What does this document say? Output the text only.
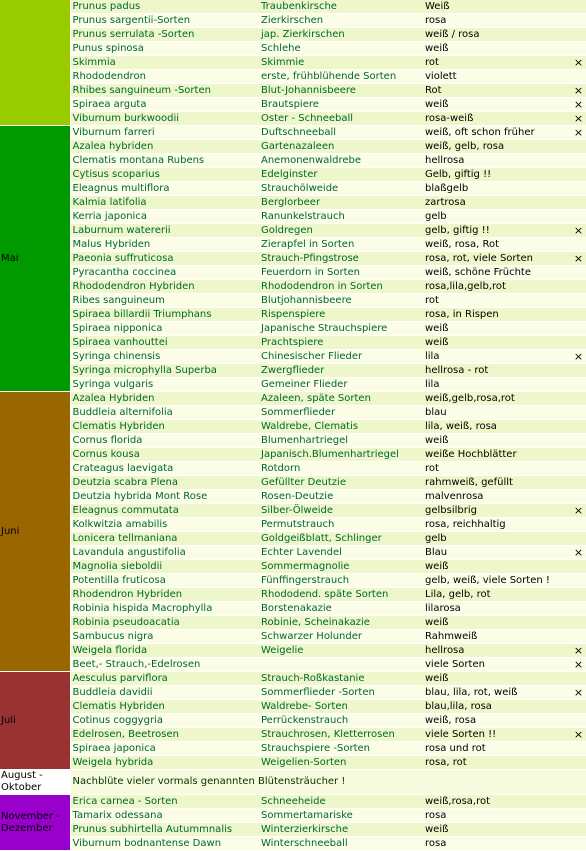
	Prunus padus	Traubenkirsche	Weiß	
	Prunus sargentii-Sorten	Zierkirschen	rosa	
	Prunus serrulata -Sorten	jap. Zierkirschen	weiß / rosa	
	Punus spinosa	Schlehe	weiß	
	Skimmia	Skimmie	rot	×
	Rhododendron	erste, frühblühende Sorten	violett	
	Rhibes sanguineum -Sorten	Blut-Johannisbeere	Rot	×
	Spiraea arguta	Brautspiere	weiß	×
	Viburnum burkwoodii	Oster - Schneeball	rosa-weiß	×
Mai	Viburnum farreri	Duftschneeball	weiß, oft schon früher	×
	Azalea hybriden	Gartenazaleen	weiß, gelb, rosa	
	Clematis montana Rubens	Anemonenwaldrebe	hellrosa	
	Cytisus scoparius	Edelginster	Gelb, giftig !!	
	Eleagnus multiflora	Strauchölweide	blaßgelb	
	Kalmia latifolia	Berglorbeer	zartrosa	
	Kerria japonica	Ranunkelstrauch	gelb	
	Laburnum watererii	Goldregen	gelb, giftig !!	×
	Malus Hybriden	Zierapfel in Sorten	weiß, rosa, Rot	
	Paeonia suffruticosa	Strauch-Pfingstrose	rosa, rot, viele Sorten	×
	Pyracantha coccinea	Feuerdorn in Sorten	weiß, schöne Früchte	
	Rhododendron Hybriden	Rhododendron in Sorten	rosa,lila,gelb,rot	
	Ribes sanguineum	Blutjohannisbeere	rot	
	Spiraea billardii Triumphans	Rispenspiere	rosa, in Rispen	
	Spiraea nipponica	Japanische Strauchspiere	weiß	
	Spiraea vanhouttei	Prachtspiere	weiß	
	Syringa chinensis	Chinesischer Flieder	lila	×
	Syringa microphylla Superba	Zwergflieder	hellrosa - rot	
	Syringa vulgaris	Gemeiner Flieder	lila	
Juni	Azalea Hybriden	Azaleen, späte Sorten	weiß,gelb,rosa,rot	
	Buddleia alternifolia	Sommerflieder	blau	
	Clematis Hybriden	Waldrebe, Clematis	lila, weiß, rosa	
	Cornus florida	Blumenhartriegel	weiß	
	Cornus kousa	Japanisch.Blumenhartriegel	weiße Hochblätter	
	Crateagus laevigata	Rotdorn	rot	
	Deutzia scabra Plena	Gefüllter Deutzie	rahmweiß, gefüllt	
	Deutzia hybrida Mont Rose	Rosen-Deutzie	malvenrosa	
	Eleagnus commutata	Silber-Ölweide	gelbsilbrig	×
	Kolkwitzia amabilis	Permutstrauch	rosa, reichhaltig	
	Lonicera tellmaniana	Goldgeißblatt, Schlinger	gelb	
	Lavandula angustifolia	Echter Lavendel	Blau	×
	Magnolia sieboldii	Sommermagnolie	weiß	
	Potentilla fruticosa	Fünffingerstrauch	gelb, weiß, viele Sorten !	
	Rhodendron Hybriden	Rhododend. späte Sorten	Lila, gelb, rot	
	Robinia hispida Macrophylla	Borstenakazie	lilarosa	
	Robinia pseudoacatia	Robinie, Scheinakazie	weiß	
	Sambucus nigra	Schwarzer Holunder	Rahmweiß	
	Weigela florida	Weigelie	hellrosa	×
	Beet,- Strauch,-Edelrosen		viele Sorten	×
Juli	Aesculus parviflora	Strauch-Roßkastanie	weiß	
	Buddleia davidii	Sommerflieder -Sorten	blau, lila, rot, weiß	×
	Clematis Hybriden	Waldrebe- Sorten	blau,lila, rosa	
	Cotinus coggygria	Perrückenstrauch	weiß, rosa	
	Edelrosen, Beetrosen	Strauchrosen, Kletterrosen	viele Sorten !!	×
	Spiraea japonica	Strauchspiere -Sorten	rosa und rot	
	Weigela hybrida	Weigelien-Sorten	rosa, rot	
August - Oktober	Nachblüte vieler vormals genannten Blütensträucher !			
November - Dezember	Erica carnea - Sorten	Schneeheide	weiß,rosa,rot	
	Tamarix odessana	Sommertamariske	rosa	
	Prunus subhirtella Autummnalis	Winterzierkirsche	weiß	
	Viburnum bodnantense Dawn	Winterschneeball	rosa	
